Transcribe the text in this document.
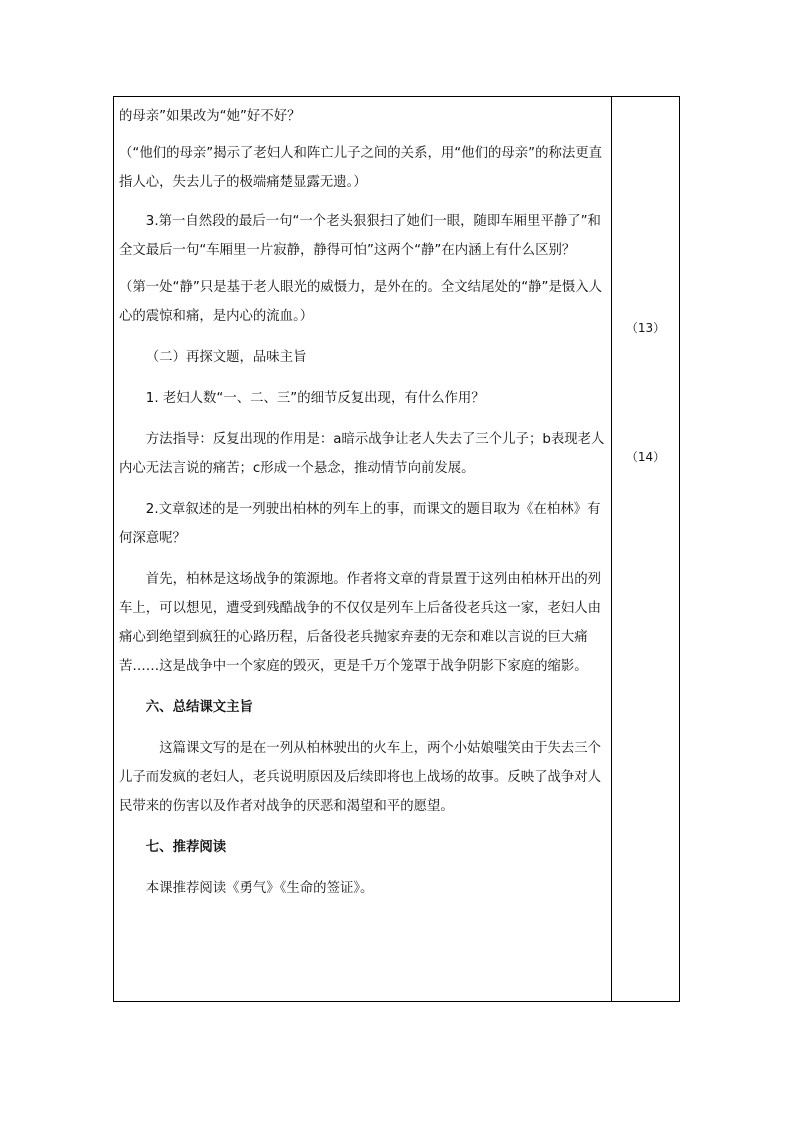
的母亲”如果改为“她”好不好？

（“他们的母亲”揭示了老妇人和阵亡儿子之间的关系，用“他们的母亲”的称法更直指人心，失去儿子的极端痛楚显露无遗。）

3.第一自然段的最后一句“一个老头狠狠扫了她们一眼，随即车厢里平静了”和全文最后一句“车厢里一片寂静，静得可怕”这两个“静”在内涵上有什么区别？

（第一处“静”只是基于老人眼光的威慑力，是外在的。全文结尾处的“静”是慑入人心的震惊和痛，是内心的流血。）

（二）再探文题，品味主旨

1. 老妇人数“一、二、三”的细节反复出现，有什么作用？

方法指导：反复出现的作用是：a暗示战争让老人失去了三个儿子；b表现老人内心无法言说的痛苦；c形成一个悬念，推动情节向前发展。

2.文章叙述的是一列驶出柏林的列车上的事，而课文的题目取为《在柏林》有何深意呢？

首先，柏林是这场战争的策源地。作者将文章的背景置于这列由柏林开出的列车上，可以想见，遭受到残酷战争的不仅仅是列车上后备役老兵这一家，老妇人由痛心到绝望到疯狂的心路历程，后备役老兵抛家弃妻的无奈和难以言说的巨大痛苦……这是战争中一个家庭的毁灭，更是千万个笼罩于战争阴影下家庭的缩影。

六、总结课文主旨

这篇课文写的是在一列从柏林驶出的火车上，两个小姑娘嗤笑由于失去三个儿子而发疯的老妇人，老兵说明原因及后续即将也上战场的故事。反映了战争对人民带来的伤害以及作者对战争的厌恶和渴望和平的愿望。

七、推荐阅读

本课推荐阅读《勇气》《生命的签证》。

（13）
（14）
